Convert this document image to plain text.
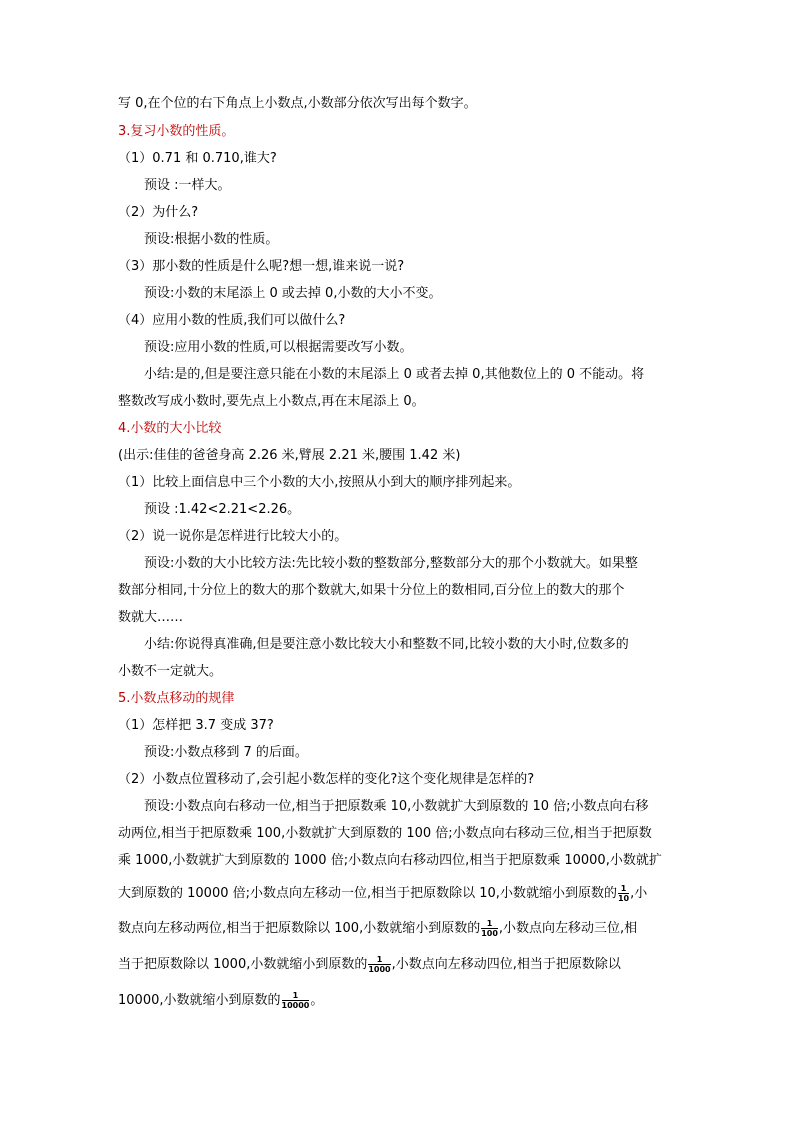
写 0,在个位的右下角点上小数点,小数部分依次写出每个数字。
3.复习小数的性质。
（1）0.71 和 0.710,谁大?
预设 :一样大。
（2）为什么?
预设:根据小数的性质。
（3）那小数的性质是什么呢?想一想,谁来说一说?
预设:小数的末尾添上 0 或去掉 0,小数的大小不变。
（4）应用小数的性质,我们可以做什么?
预设:应用小数的性质,可以根据需要改写小数。
小结:是的,但是要注意只能在小数的末尾添上 0 或者去掉 0,其他数位上的 0 不能动。将
整数改写成小数时,要先点上小数点,再在末尾添上 0。
4.小数的大小比较
(出示:佳佳的爸爸身高 2.26 米,臂展 2.21 米,腰围 1.42 米)
（1）比较上面信息中三个小数的大小,按照从小到大的顺序排列起来。
预设 :1.42<2.21<2.26。
（2）说一说你是怎样进行比较大小的。
预设:小数的大小比较方法:先比较小数的整数部分,整数部分大的那个小数就大。如果整
数部分相同,十分位上的数大的那个数就大,如果十分位上的数相同,百分位上的数大的那个
数就大……
小结:你说得真准确,但是要注意小数比较大小和整数不同,比较小数的大小时,位数多的
小数不一定就大。
5.小数点移动的规律
（1）怎样把 3.7 变成 37?
预设:小数点移到 7 的后面。
（2）小数点位置移动了,会引起小数怎样的变化?这个变化规律是怎样的?
预设:小数点向右移动一位,相当于把原数乘 10,小数就扩大到原数的 10 倍;小数点向右移
动两位,相当于把原数乘 100,小数就扩大到原数的 100 倍;小数点向右移动三位,相当于把原数
乘 1000,小数就扩大到原数的 1000 倍;小数点向右移动四位,相当于把原数乘 10000,小数就扩
大到原数的 10000 倍;小数点向左移动一位,相当于把原数除以 10,小数就缩小到原数的 $\frac{1}{10}$ ,小
数点向左移动两位,相当于把原数除以 100,小数就缩小到原数的 $\frac{1}{100}$ ,小数点向左移动三位,相
当于把原数除以 1000,小数就缩小到原数的 $\frac{1}{1000}$ ,小数点向左移动四位,相当于把原数除以
10000,小数就缩小到原数的 $\frac{1}{10000}$ 。
